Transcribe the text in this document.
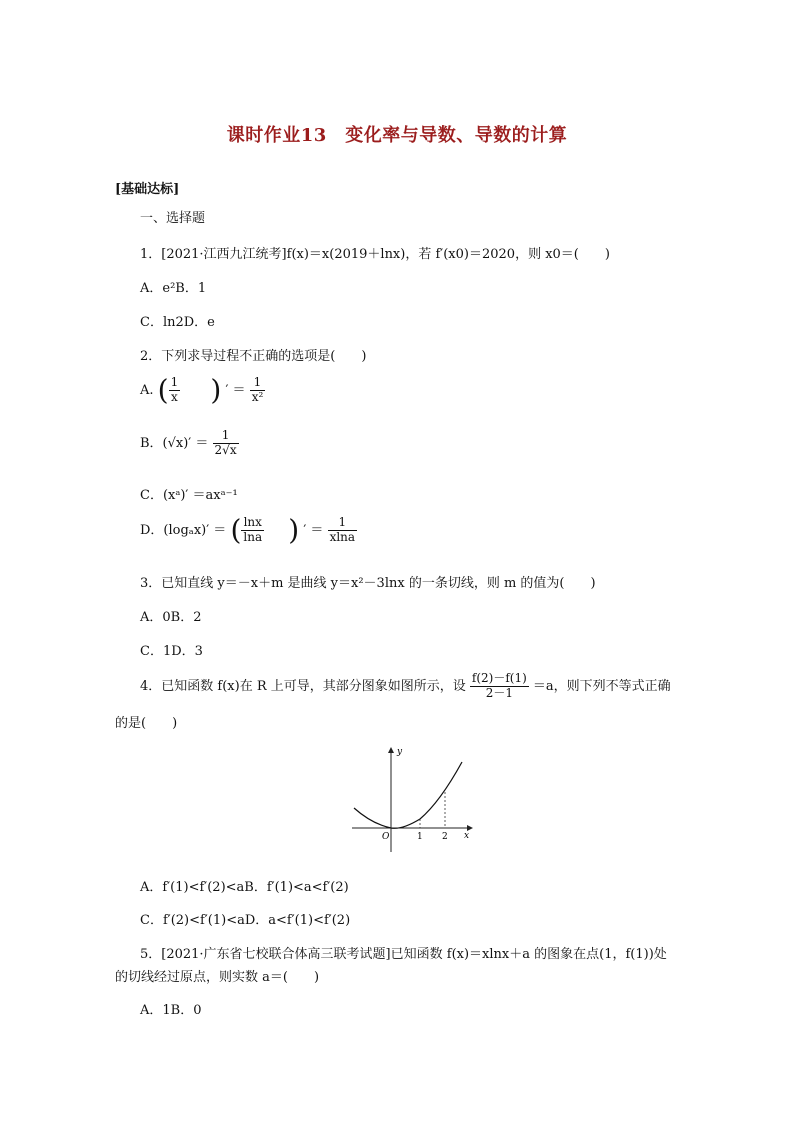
课时作业13　变化率与导数、导数的计算
[基础达标]
一、选择题
1．[2021·江西九江统考]f(x)＝x(2019＋lnx)，若 f′(x0)＝2020，则 x0＝(　　)
A．e²B．1
C．ln2D．e
2．下列求导过程不正确的选项是(　　)
A. ( $\frac{1}{x}$ ) ′ ＝ $\frac{1}{\text{x²}}$
B．$(√x)' = \frac{1}{2√x}$
C．(xᵃ)′ ＝axᵃ⁻¹
D．(logₐx)′ ＝ ( $\frac{\ln x}{\ln a}$ ) ′ ＝ $\frac{1}{xlna}$
3．已知直线 y＝－x＋m 是曲线 y＝x²－3lnx 的一条切线，则 m 的值为(　　)
A．0B．2
C．1D．3
4．已知函数 f(x)在 R 上可导，其部分图象如图所示，设 $\frac{f(2)-f(1)}{2-1} =a$，则下列不等式正确
的是(　　)
y
x
O	1 2
A．f′(1)<f′(2)<aB．f′(1)<a<f′(2)
C．f′(2)<f′(1)<aD．a<f′(1)<f′(2)
5．[2021·广东省七校联合体高三联考试题]已知函数 f(x)＝xlnx＋a 的图象在点(1，f(1))处
的切线经过原点，则实数 a＝(　　)
A．1B．0
